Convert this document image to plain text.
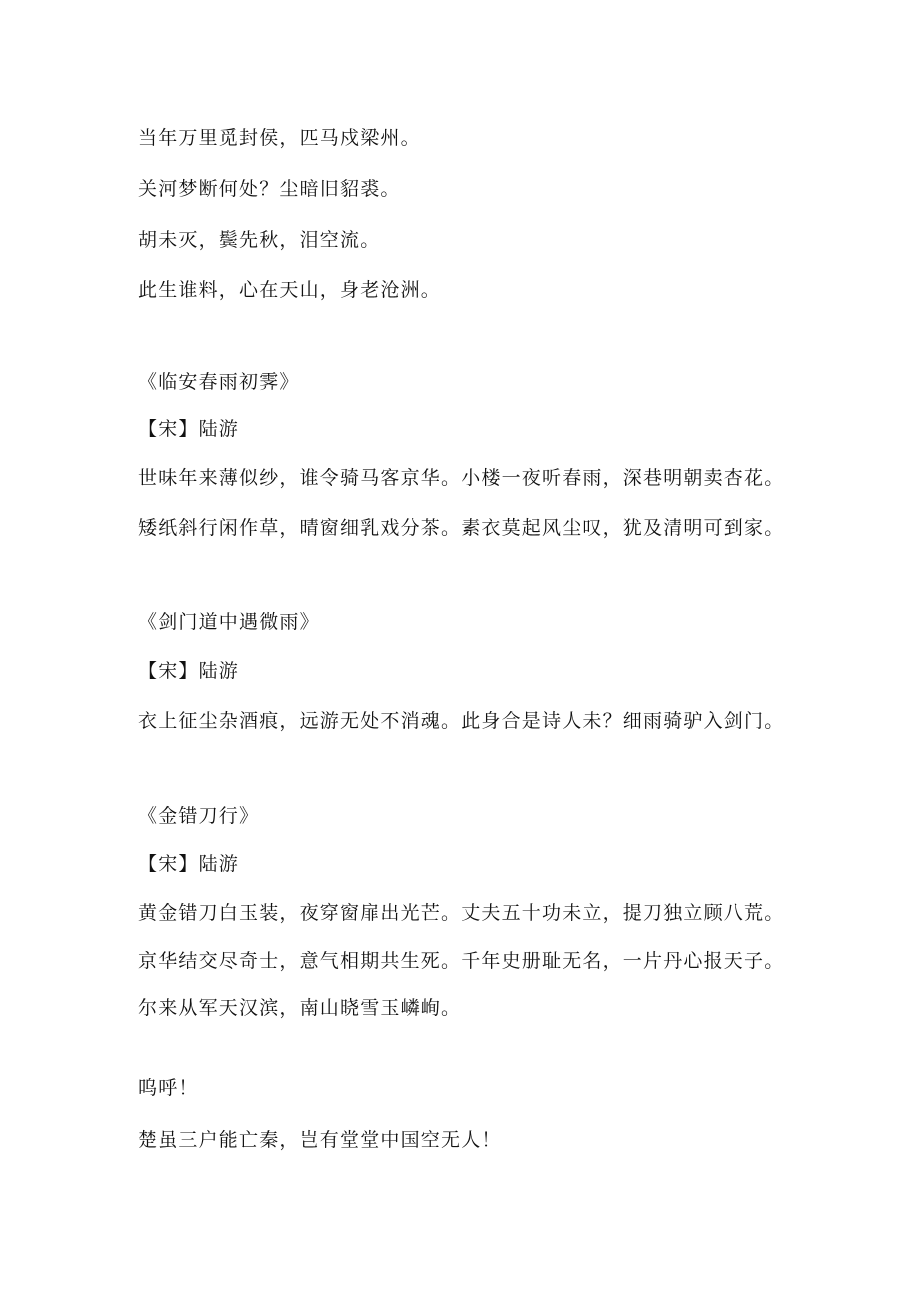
当年万里觅封侯，匹马戍梁州。
关河梦断何处？尘暗旧貂裘。
胡未灭，鬓先秋，泪空流。
此生谁料，心在天山，身老沧洲。
《临安春雨初霁》
【宋】陆游
世味年来薄似纱，谁令骑马客京华。小楼一夜听春雨，深巷明朝卖杏花。
矮纸斜行闲作草，晴窗细乳戏分茶。素衣莫起风尘叹，犹及清明可到家。
《剑门道中遇微雨》
【宋】陆游
衣上征尘杂酒痕，远游无处不消魂。此身合是诗人未？细雨骑驴入剑门。
《金错刀行》
【宋】陆游
黄金错刀白玉装，夜穿窗扉出光芒。丈夫五十功未立，提刀独立顾八荒。
京华结交尽奇士，意气相期共生死。千年史册耻无名，一片丹心报天子。
尔来从军天汉滨，南山晓雪玉嶙峋。
呜呼！
楚虽三户能亡秦，岂有堂堂中国空无人！
